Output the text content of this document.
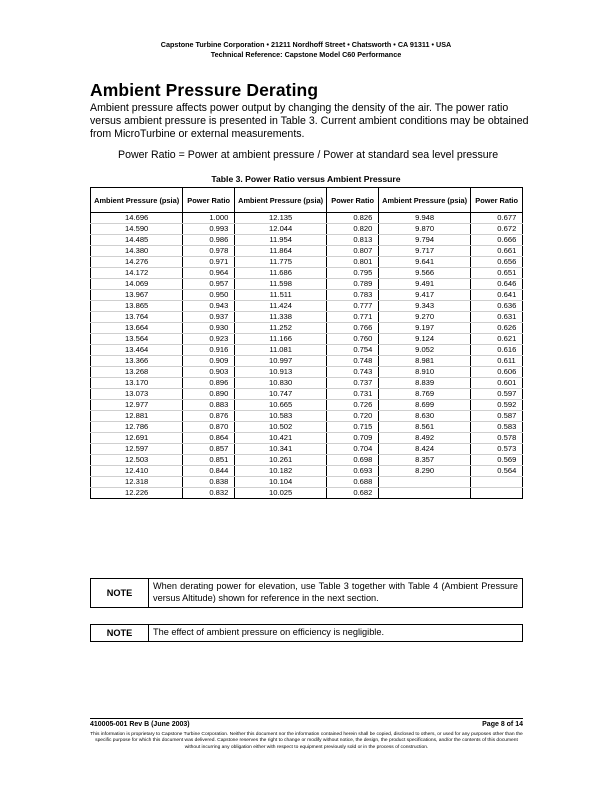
Capstone Turbine Corporation • 21211 Nordhoff Street • Chatsworth • CA 91311 • USA
Technical Reference: Capstone Model C60 Performance
Ambient Pressure Derating

Ambient pressure affects power output by changing the density of the air. The power ratio versus ambient pressure is presented in Table 3. Current ambient conditions may be obtained from MicroTurbine or external measurements.

Power Ratio = Power at ambient pressure / Power at standard sea level pressure

Table 3. Power Ratio versus Ambient Pressure
Ambient Pressure (psia)	Power Ratio	Ambient Pressure (psia)	Power Ratio	Ambient Pressure (psia)	Power Ratio
14.696	1.000	12.135	0.826	9.948	0.677
14.590	0.993	12.044	0.820	9.870	0.672
14.485	0.986	11.954	0.813	9.794	0.666
14.380	0.978	11.864	0.807	9.717	0.661
14.276	0.971	11.775	0.801	9.641	0.656
14.172	0.964	11.686	0.795	9.566	0.651
14.069	0.957	11.598	0.789	9.491	0.646
13.967	0.950	11.511	0.783	9.417	0.641
13.865	0.943	11.424	0.777	9.343	0.636
13.764	0.937	11.338	0.771	9.270	0.631
13.664	0.930	11.252	0.766	9.197	0.626
13.564	0.923	11.166	0.760	9.124	0.621
13.464	0.916	11.081	0.754	9.052	0.616
13.366	0.909	10.997	0.748	8.981	0.611
13.268	0.903	10.913	0.743	8.910	0.606
13.170	0.896	10.830	0.737	8.839	0.601
13.073	0.890	10.747	0.731	8.769	0.597
12.977	0.883	10.665	0.726	8.699	0.592
12.881	0.876	10.583	0.720	8.630	0.587
12.786	0.870	10.502	0.715	8.561	0.583
12.691	0.864	10.421	0.709	8.492	0.578
12.597	0.857	10.341	0.704	8.424	0.573
12.503	0.851	10.261	0.698	8.357	0.569
12.410	0.844	10.182	0.693	8.290	0.564
12.318	0.838	10.104	0.688		
12.226	0.832	10.025	0.682		
NOTE
When derating power for elevation, use Table 3 together with Table 4 (Ambient Pressure versus Altitude) shown for reference in the next section.
NOTE	The effect of ambient pressure on efficiency is negligible.
410005-001 Rev B (June 2003)	Page 8 of 14
This information is proprietary to Capstone Turbine Corporation. Neither this document nor the information contained herein shall be copied, disclosed to others, or used for any purposes other than the specific purpose for which this document was delivered. Capstone reserves the right to change or modify without notice, the design, the product specifications, and/or the contents of this document without incurring any obligation either with respect to equipment previously sold or in the process of construction.
